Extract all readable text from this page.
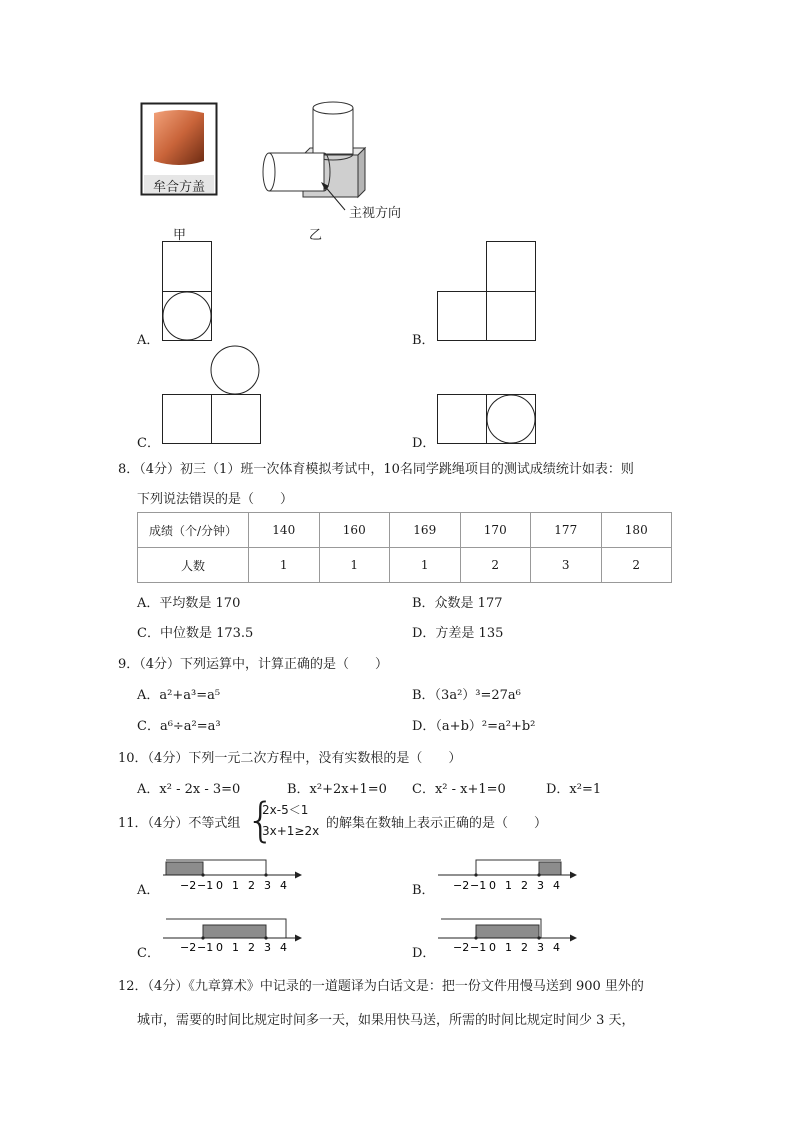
牟合方盖
主视方向
甲	乙
A．	B．
C．	D．
8．（4分）初三（1）班一次体育模拟考试中，10名同学跳绳项目的测试成绩统计如表：则
下列说法错误的是（　　）
成绩（个/分钟）	140	160	169	170	177	180
人数	1	1	1	2	3	2
A．平均数是 170	B．众数是 177
C．中位数是 173.5	D．方差是 135
9．（4分）下列运算中，计算正确的是（　　）
A．a²+a³=a⁵	B．（3a²）³=27a⁶
C．a⁶÷a²=a³	D．（a+b）²=a²+b²
10．（4分）下列一元二次方程中，没有实数根的是（　　）
A．x² - 2x - 3=0	B．x²+2x+1=0 C．x² - x+1=0	D．x²=1
11．（4分）不等式组 {
2x-5＜1
3x+1≥2x 的解集在数轴上表示正确的是（　　）
−2 −1 0 1 2 3 4
A．	−2 −1 0 1 2 3 4
B．
−2 −1 0 1 2 3 4
C．	−2 −1 0 1 2 3 4
D．
12．（4分）《九章算术》中记录的一道题译为白话文是：把一份文件用慢马送到 900 里外的
城市，需要的时间比规定时间多一天，如果用快马送，所需的时间比规定时间少 3 天，
